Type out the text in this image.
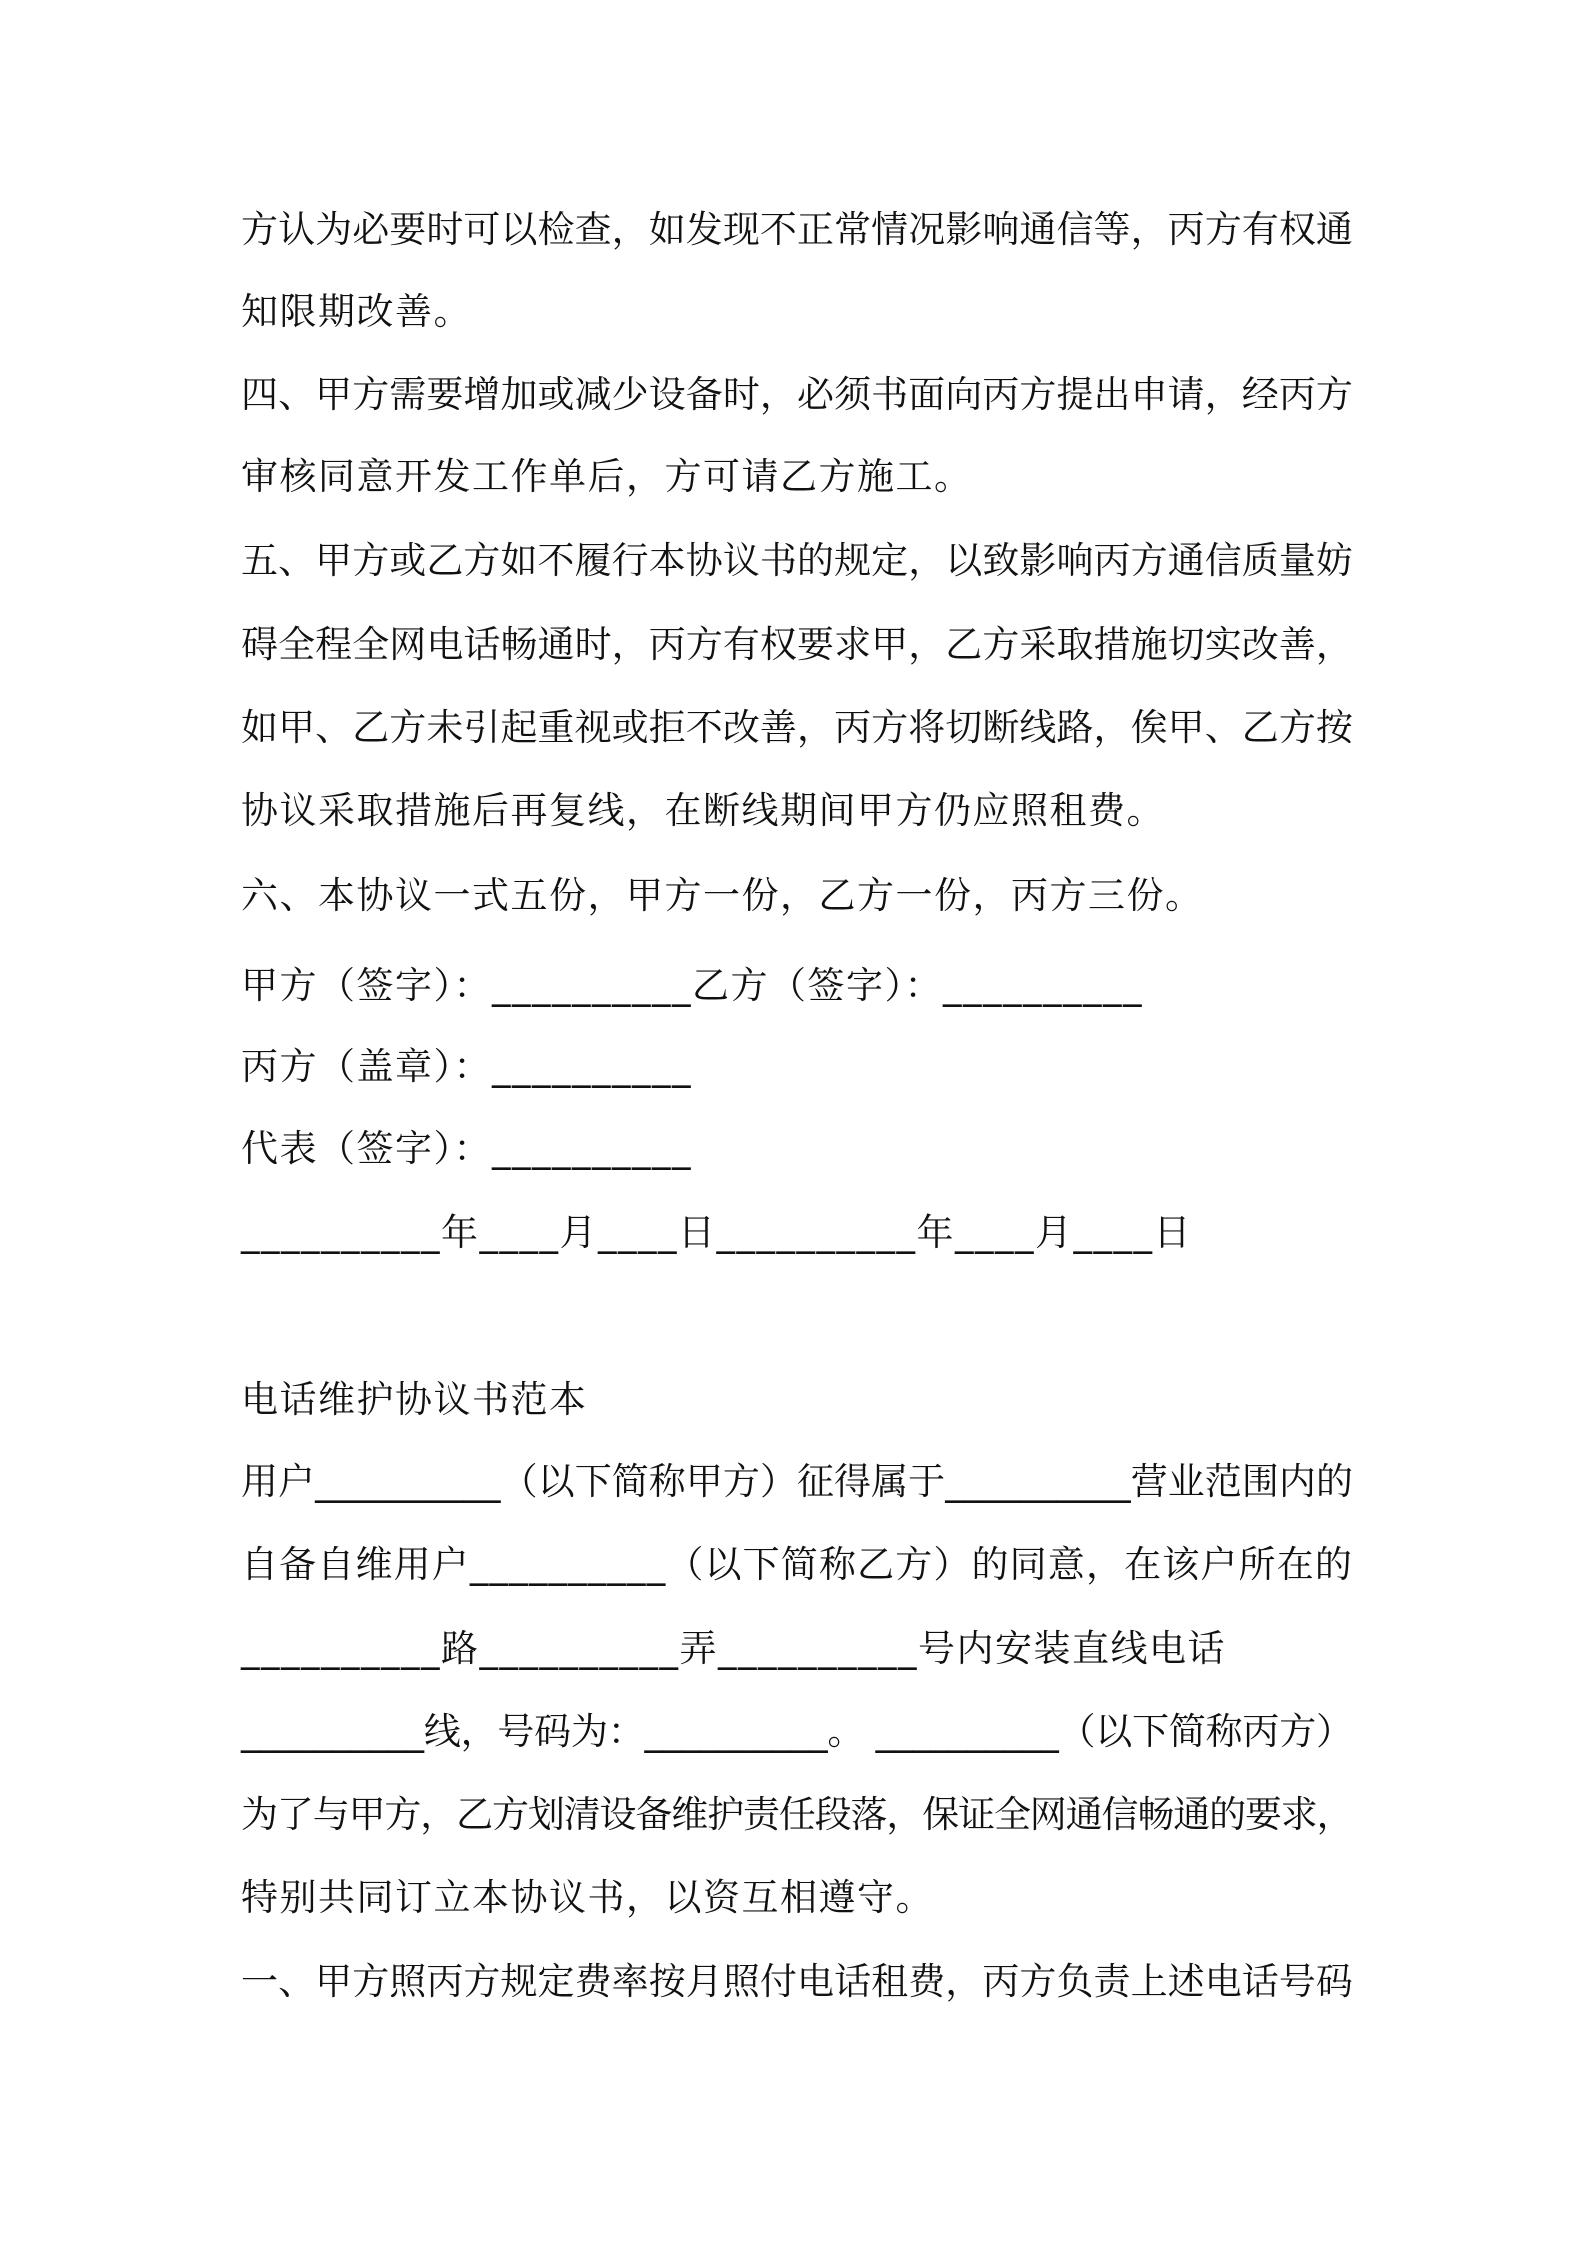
方认为必要时可以检查，如发现不正常情况影响通信等，丙方有权通
知限期改善。
四、甲方需要增加或减少设备时，必须书面向丙方提出申请，经丙方
审核同意开发工作单后，方可请乙方施工。
五、甲方或乙方如不履行本协议书的规定，以致影响丙方通信质量妨
碍全程全网电话畅通时，丙方有权要求甲，乙方采取措施切实改善，
如甲、乙方未引起重视或拒不改善，丙方将切断线路，俟甲、乙方按
协议采取措施后再复线，在断线期间甲方仍应照租费。
六、本协议一式五份，甲方一份，乙方一份，丙方三份。
甲方（签字）：__________乙方（签字）：__________
丙方（盖章）：__________
代表（签字）：__________
__________年____月____日__________年____月____日
电话维护协议书范本
用户__________（以下简称甲方）征得属于__________营业范围内的
自备自维用户__________（以下简称乙方）的同意，在该户所在的
__________路__________弄__________号内安装直线电话
__________线，号码为：__________。 __________（以下简称丙方）
为了与甲方，乙方划清设备维护责任段落，保证全网通信畅通的要求，
特别共同订立本协议书，以资互相遵守。
一、甲方照丙方规定费率按月照付电话租费，丙方负责上述电话号码
